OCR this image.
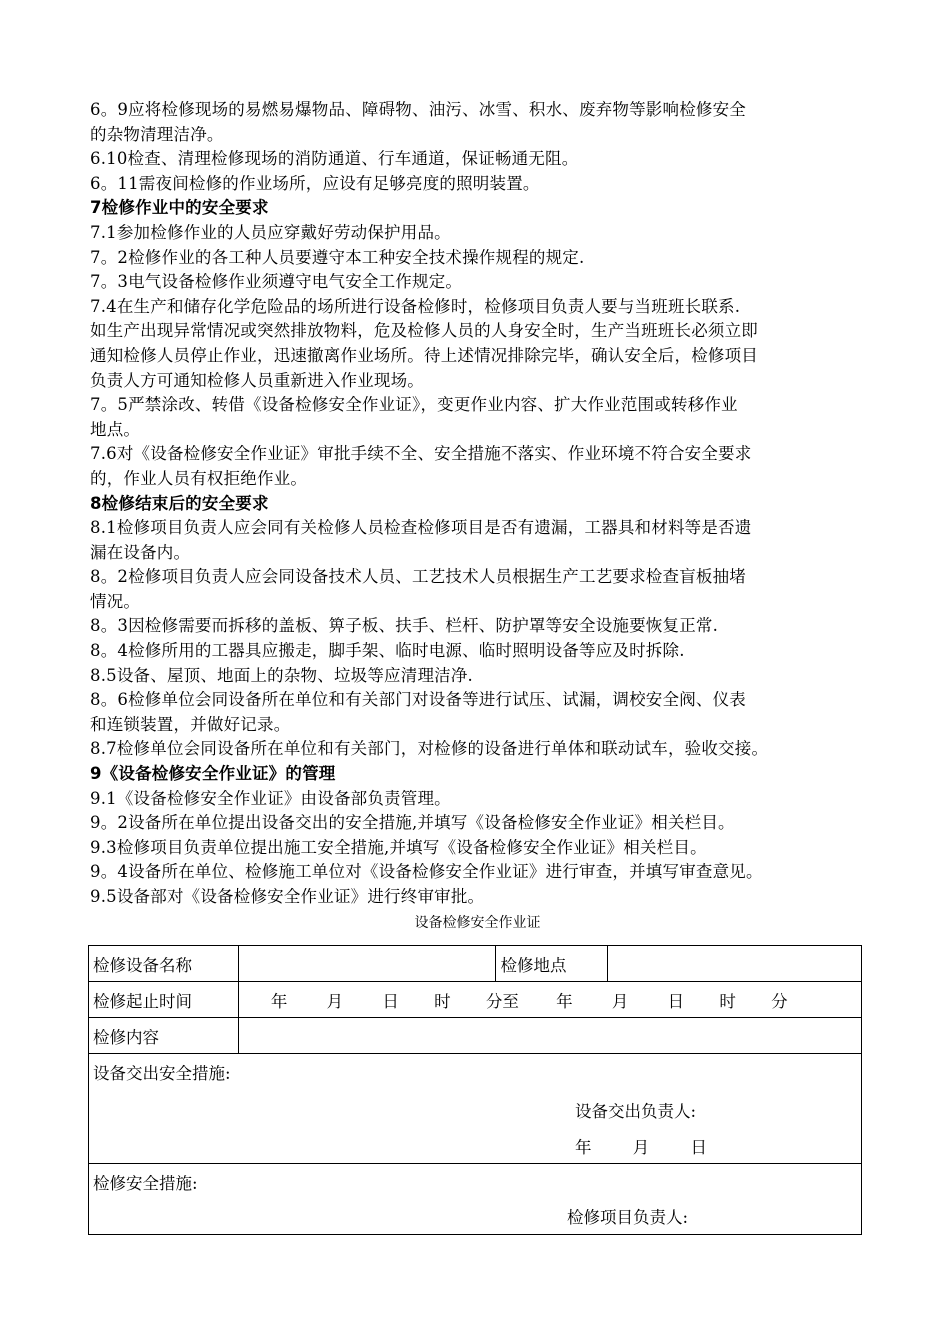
6。9应将检修现场的易燃易爆物品、障碍物、油污、冰雪、积水、废弃物等影响检修安全
的杂物清理洁净。
6.10检查、清理检修现场的消防通道、行车通道，保证畅通无阻。
6。11需夜间检修的作业场所，应设有足够亮度的照明装置。
7检修作业中的安全要求
7.1参加检修作业的人员应穿戴好劳动保护用品。
7。2检修作业的各工种人员要遵守本工种安全技术操作规程的规定.
7。3电气设备检修作业须遵守电气安全工作规定。
7.4在生产和储存化学危险品的场所进行设备检修时，检修项目负责人要与当班班长联系.
如生产出现异常情况或突然排放物料，危及检修人员的人身安全时，生产当班班长必须立即
通知检修人员停止作业，迅速撤离作业场所。待上述情况排除完毕，确认安全后，检修项目
负责人方可通知检修人员重新进入作业现场。
7。5严禁涂改、转借《设备检修安全作业证》，变更作业内容、扩大作业范围或转移作业
地点。
7.6对《设备检修安全作业证》审批手续不全、安全措施不落实、作业环境不符合安全要求
的，作业人员有权拒绝作业。
8检修结束后的安全要求
8.1检修项目负责人应会同有关检修人员检查检修项目是否有遗漏，工器具和材料等是否遗
漏在设备内。
8。2检修项目负责人应会同设备技术人员、工艺技术人员根据生产工艺要求检查盲板抽堵
情况。
8。3因检修需要而拆移的盖板、箅子板、扶手、栏杆、防护罩等安全设施要恢复正常.
8。4检修所用的工器具应搬走，脚手架、临时电源、临时照明设备等应及时拆除.
8.5设备、屋顶、地面上的杂物、垃圾等应清理洁净.
8。6检修单位会同设备所在单位和有关部门对设备等进行试压、试漏，调校安全阀、仪表
和连锁装置，并做好记录。
8.7检修单位会同设备所在单位和有关部门，对检修的设备进行单体和联动试车，验收交接。
9《设备检修安全作业证》的管理
9.1《设备检修安全作业证》由设备部负责管理。
9。2设备所在单位提出设备交出的安全措施,并填写《设备检修安全作业证》相关栏目。
9.3检修项目负责单位提出施工安全措施,并填写《设备检修安全作业证》相关栏目。
9。4设备所在单位、检修施工单位对《设备检修安全作业证》进行审查，并填写审查意见。
9.5设备部对《设备检修安全作业证》进行终审审批。
设备检修安全作业证
检修设备名称		检修地点	
检修起止时间	年 月 日 时 分至 年 月 日 时 分		
检修内容			

设备交出安全措施:
设备交出负责人:
年 月 日			

检修安全措施:
检修项目负责人:			
